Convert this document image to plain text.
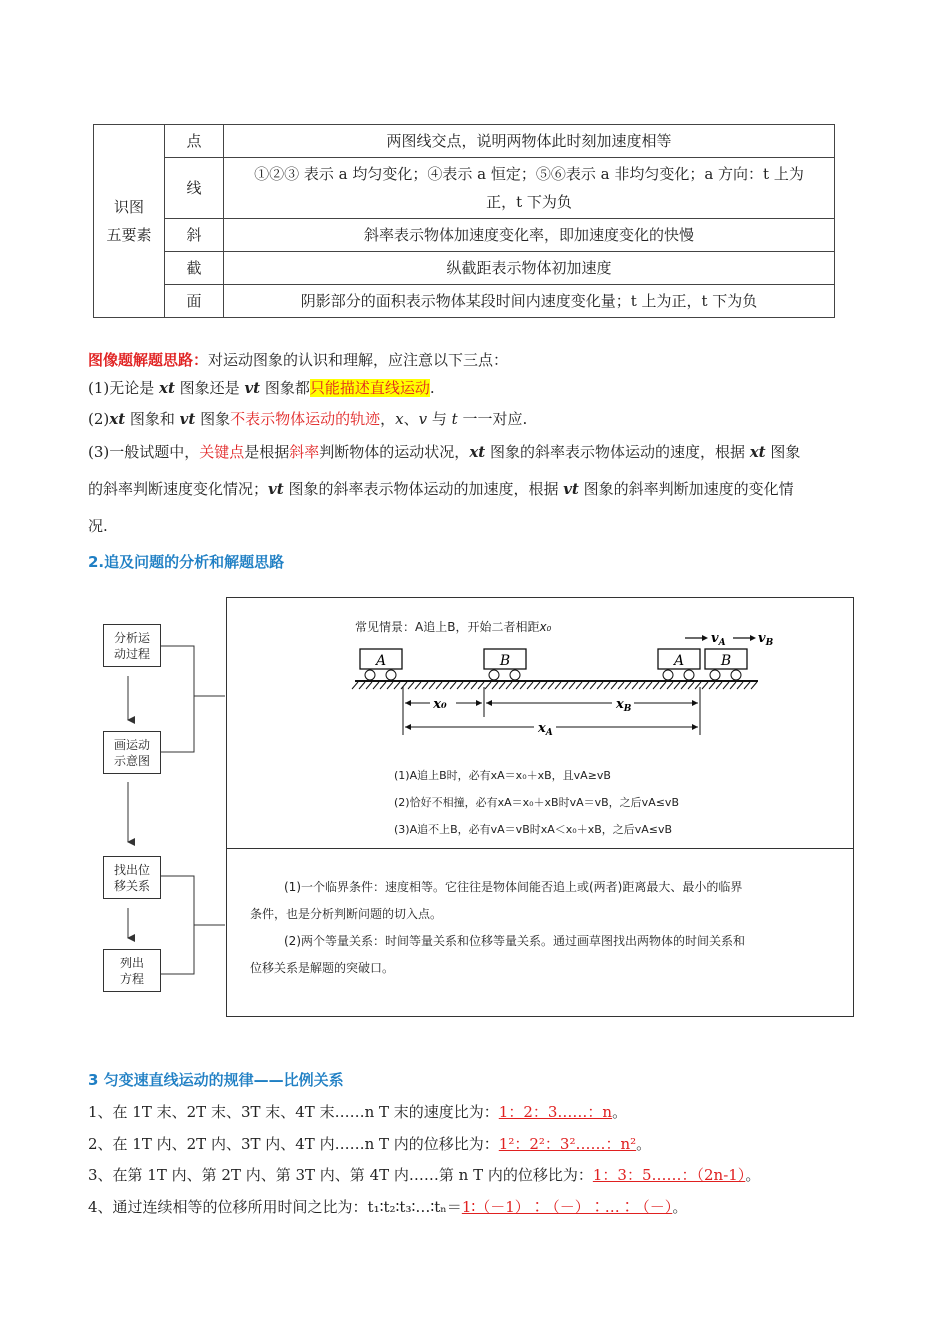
识图
五要素	点	两图线交点，说明两物体此时刻加速度相等
	线	①②③ 表示 a 均匀变化；④表示 a 恒定；⑤⑥表示 a 非均匀变化；a 方向：t 上为
正，t 下为负

	斜	斜率表示物体加速度变化率，即加速度变化的快慢
	截	纵截距表示物体初加速度
	面	阴影部分的面积表示物体某段时间内速度变化量；t 上为正，t 下为负
图像题解题思路：对运动图象的认识和理解，应注意以下三点：
(1)无论是 xt 图象还是 vt 图象都只能描述直线运动.
(2)xt 图象和 vt 图象不表示物体运动的轨迹，x、v 与 t 一一对应.
(3)一般试题中，关键点是根据斜率判断物体的运动状况，xt 图象的斜率表示物体运动的速度，根据 xt 图象
的斜率判断速度变化情况；vt 图象的斜率表示物体运动的加速度，根据 vt 图象的斜率判断加速度的变化情
况.
2.追及问题的分析和解题思路
分析运
动过程
画运动
示意图
找出位
移关系
列出
方程
常见情景：A追上B，开始二者相距x₀
$v_A$ $v_B$
A	B	A	B
x₀	$x_B$
$x_A$
(1)A追上B时，必有xA＝x₀＋xB，且vA≥vB
(2)恰好不相撞，必有xA＝x₀＋xB时vA＝vB，之后vA≤vB
(3)A追不上B，必有vA＝vB时xA＜x₀＋xB，之后vA≤vB
(1)一个临界条件：速度相等。它往往是物体间能否追上或(两者)距离最大、最小的临界
条件，也是分析判断问题的切入点。
(2)两个等量关系：时间等量关系和位移等量关系。通过画草图找出两物体的时间关系和
位移关系是解题的突破口。
3 匀变速直线运动的规律——比例关系
1、在 1T 末、2T 末、3T 末、4T 末……n T 末的速度比为：1：2：3……：n。
2、在 1T 内、2T 内、3T 内、4T 内……n T 内的位移比为：1²：2²：3²……：n²。
3、在第 1T 内、第 2T 内、第 3T 内、第 4T 内……第 n T 内的位移比为：1：3：5……：（2n-1）。
4、通过连续相等的位移所用时间之比为：t₁∶t₂∶t₃∶…∶tₙ＝1∶（－1）∶（－）∶…∶（－）。
